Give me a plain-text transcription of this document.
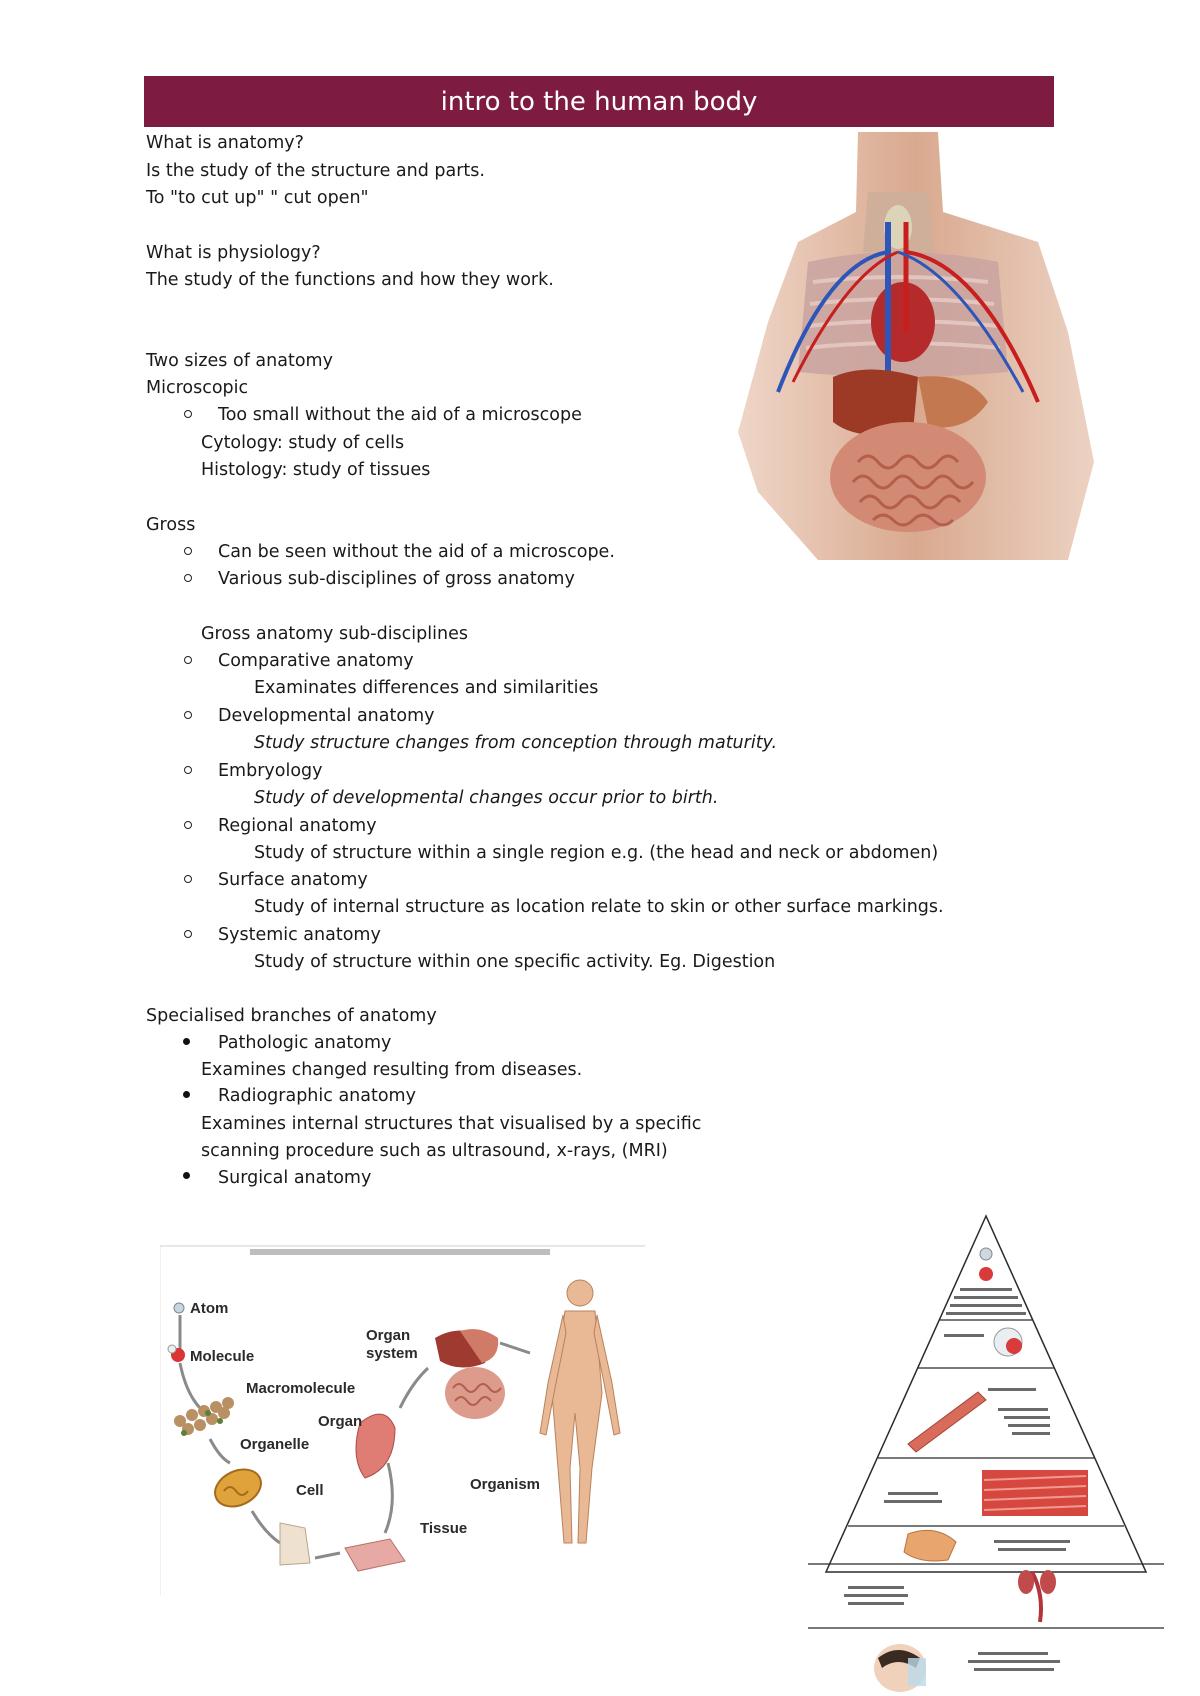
intro to the human body
What is anatomy?
Is the study of the structure and parts.
To "to cut up" " cut open"
What is physiology?
The study of the functions and how they work.
Two sizes of anatomy
Microscopic
Too small without the aid of a microscope
Cytology: study of cells
Histology: study of tissues
Gross
Can be seen without the aid of a microscope.
Various sub-disciplines of gross anatomy
Gross anatomy sub-disciplines
Comparative anatomy
Examinates differences and similarities
Developmental anatomy
Study structure changes from conception through maturity.
Embryology
Study of developmental changes occur prior to birth.
Regional anatomy
Study of structure within a single region e.g. (the head and neck or abdomen)
Surface anatomy
Study of internal structure as location relate to skin or other surface markings.
Systemic anatomy
Study of structure within one specific activity. Eg. Digestion
Specialised branches of anatomy
Pathologic anatomy
Examines changed resulting from diseases.
Radiographic anatomy
Examines internal structures that visualised by a specific
scanning procedure such as ultrasound, x-rays, (MRI)
Surgical anatomy
Atom
Molecule
Macromolecule
Organelle
Cell
Tissue
Organ
Organ
system
Organism
